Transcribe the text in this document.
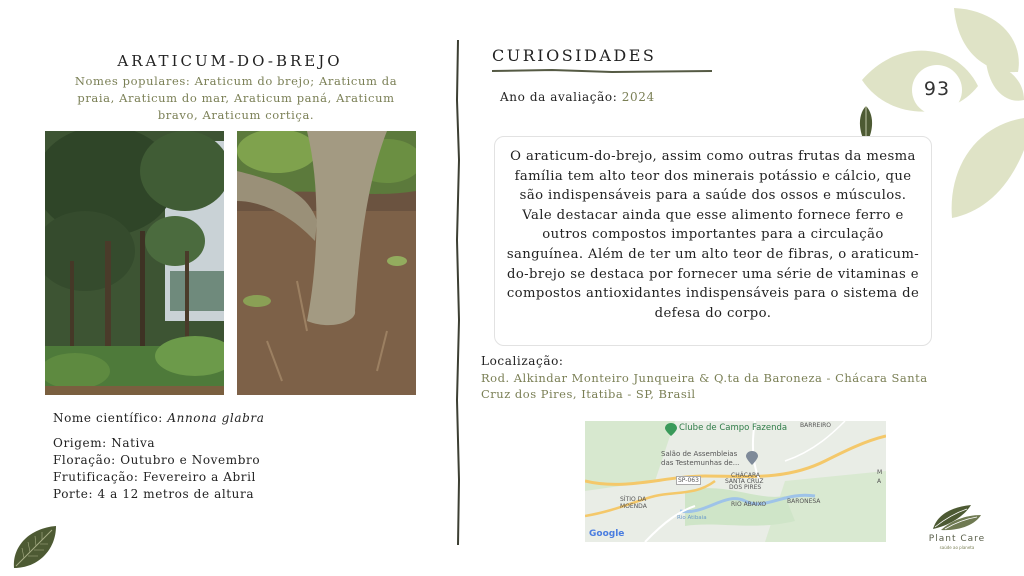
93
ARATICUM-DO-BREJO
Nomes populares: Araticum do brejo; Araticum da praia, Araticum do mar, Araticum paná, Araticum bravo, Araticum cortiça.
Nome científico: Annona glabra
Origem: Nativa
Floração: Outubro e Novembro
Frutificação: Fevereiro a Abril
Porte: 4 a 12 metros de altura
CURIOSIDADES
Ano da avaliação: 2024
O araticum-do-brejo, assim como outras frutas da mesma família tem alto teor dos minerais potássio e cálcio, que são indispensáveis para a saúde dos ossos e músculos. Vale destacar ainda que esse alimento fornece ferro e outros compostos importantes para a circulação sanguínea. Além de ter um alto teor de fibras, o araticum-do-brejo se destaca por fornecer uma série de vitaminas e compostos antioxidantes indispensáveis para o sistema de defesa do corpo.
Localização:
Rod. Alkindar Monteiro Junqueira & Q.ta da Baroneza - Chácara Santa Cruz dos Pires, Itatiba - SP, Brasil
Clube de Campo Fazenda BARREIRO
Salão de Assembleias
das Testemunhas de...
SP-063
CHÁCARA
SANTA CRUZ
DOS PIRES
SÍTIO DA
MOENDA	RIO ABAIXO	BARONESA
Rio Atibaia
M
A
Google	Plant Care
saúde ao planeta
